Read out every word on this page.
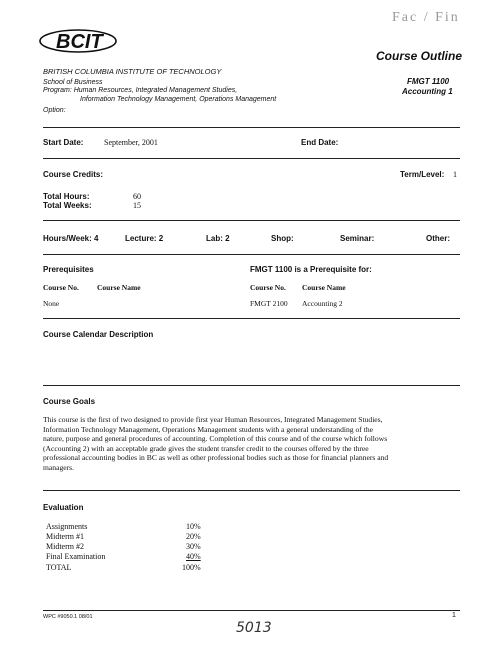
Fac / Fin
BCIT
BRITISH COLUMBIA INSTITUTE OF TECHNOLOGY
School of Business
Program: Human Resources, Integrated Management Studies,
Information Technology Management, Operations Management
Option:
Course Outline
FMGT 1100
Accounting 1
Start Date:	September, 2001	End Date:
Course Credits:	Term/Level: 1
Total Hours:	60
Total Weeks:	15
Hours/Week: 4	Lecture: 2	Lab: 2	Shop:	Seminar:	Other:
Prerequisites	FMGT 1100 is a Prerequisite for:
Course No. Course Name	Course No. Course Name
None	FMGT 2100 Accounting 2
Course Calendar Description
Course Goals
This course is the first of two designed to provide first year Human Resources, Integrated Management Studies,
Information Technology Management, Operations Management students with a general understanding of the
nature, purpose and general procedures of accounting. Completion of this course and of the course which follows
(Accounting 2) with an acceptable grade gives the student transfer credit to the courses offered by the three
professional accounting bodies in BC as well as other professional bodies such as those for financial planners and
managers.
Evaluation
Assignments	10%
Midterm #1	20%
Midterm #2	30%
Final Examination	40%
TOTAL	100%
WPC #9050.1 08/01	1
5013
